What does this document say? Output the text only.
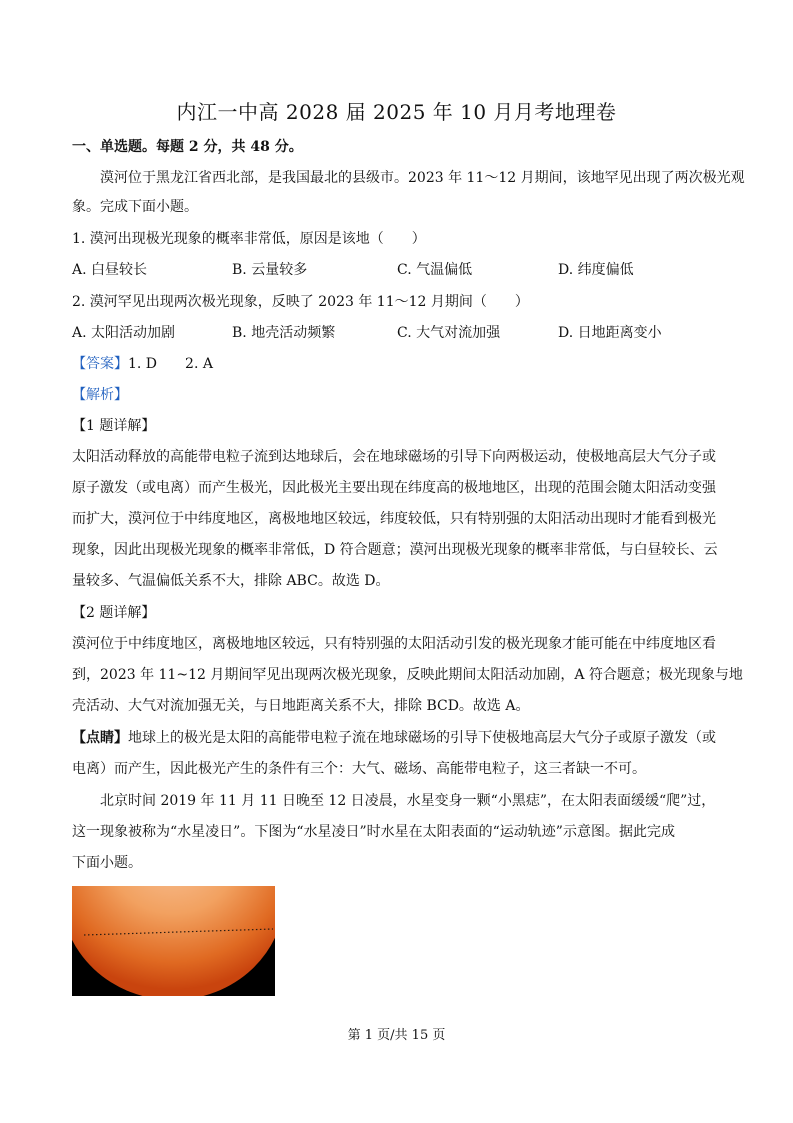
内江一中高 2028 届 2025 年 10 月月考地理卷
一、单选题。每题 2 分，共 48 分。
漠河位于黑龙江省西北部，是我国最北的县级市。2023 年 11～12 月期间，该地罕见出现了两次极光观
象。完成下面小题。
1. 漠河出现极光现象的概率非常低，原因是该地（　　）
A. 白昼较长	B. 云量较多	C. 气温偏低	D. 纬度偏低
2. 漠河罕见出现两次极光现象，反映了 2023 年 11～12 月期间（　　）
A. 太阳活动加剧	B. 地壳活动频繁	C. 大气对流加强	D. 日地距离变小
【答案】1. D　　2. A
【解析】
【1 题详解】
太阳活动释放的高能带电粒子流到达地球后，会在地球磁场的引导下向两极运动，使极地高层大气分子或
原子激发（或电离）而产生极光，因此极光主要出现在纬度高的极地地区，出现的范围会随太阳活动变强
而扩大，漠河位于中纬度地区，离极地地区较远，纬度较低，只有特别强的太阳活动出现时才能看到极光
现象，因此出现极光现象的概率非常低，D 符合题意；漠河出现极光现象的概率非常低，与白昼较长、云
量较多、气温偏低关系不大，排除 ABC。故选 D。
【2 题详解】
漠河位于中纬度地区，离极地地区较远，只有特别强的太阳活动引发的极光现象才能可能在中纬度地区看
到，2023 年 11~12 月期间罕见出现两次极光现象，反映此期间太阳活动加剧，A 符合题意；极光现象与地
壳活动、大气对流加强无关，与日地距离关系不大，排除 BCD。故选 A。
【点睛】地球上的极光是太阳的高能带电粒子流在地球磁场的引导下使极地高层大气分子或原子激发（或
电离）而产生，因此极光产生的条件有三个：大气、磁场、高能带电粒子，这三者缺一不可。
北京时间 2019 年 11 月 11 日晚至 12 日凌晨，水星变身一颗“小黑痣”，在太阳表面缓缓“爬”过，
这一现象被称为“水星凌日”。下图为“水星凌日”时水星在太阳表面的“运动轨迹”示意图。据此完成
下面小题。
第 1 页/共 15 页
